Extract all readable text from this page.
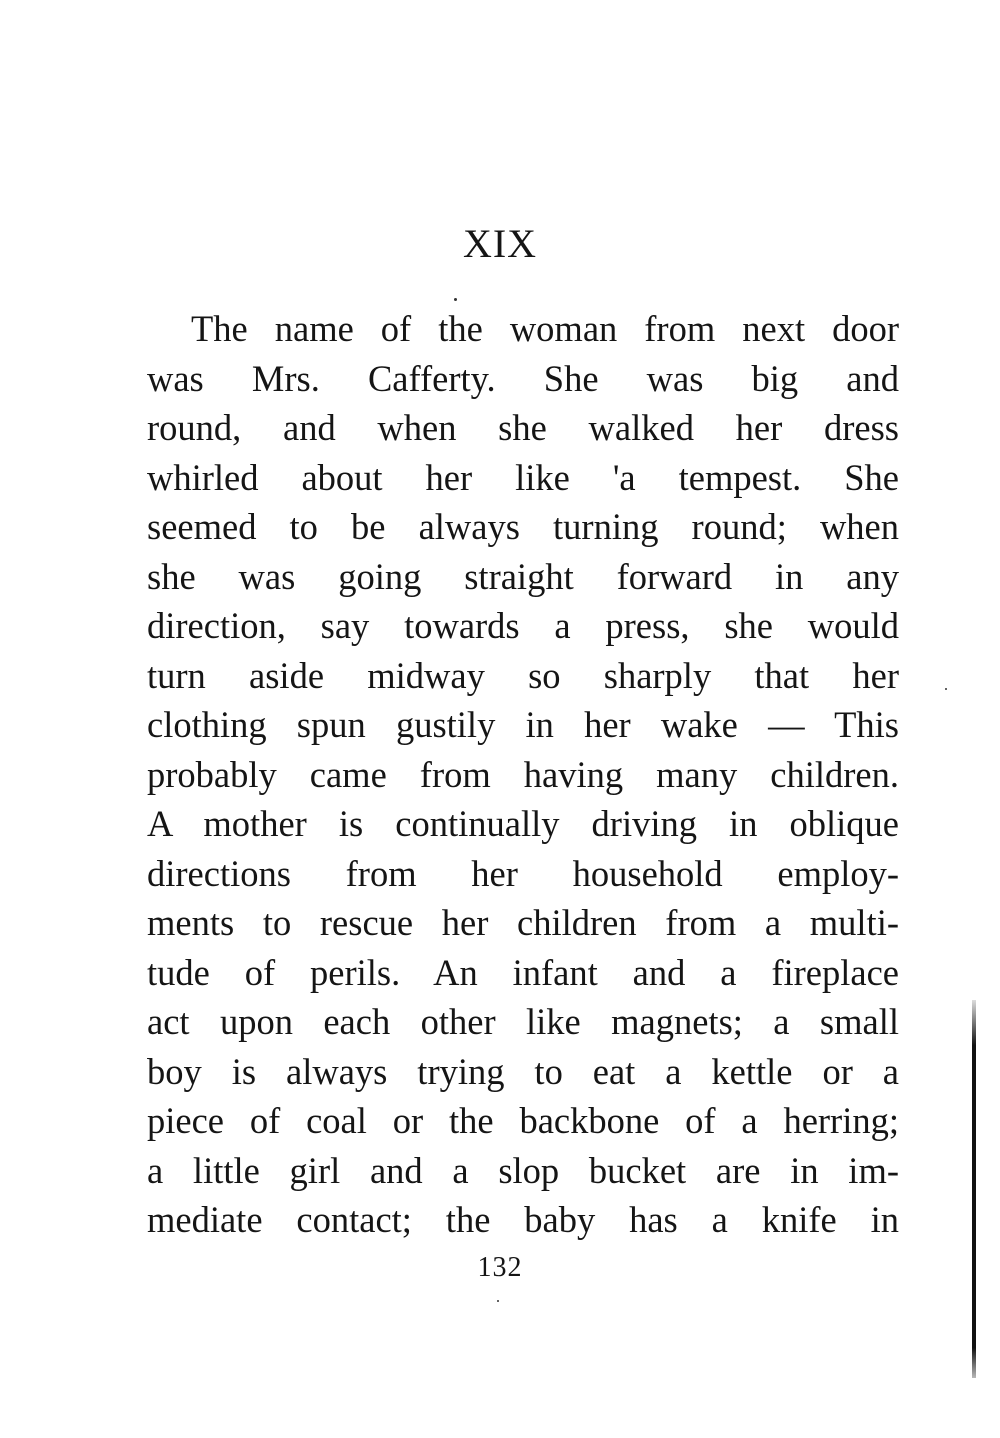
XIX
The name of the woman from next door
was Mrs. Cafferty. She was big and
round, and when she walked her dress
whirled about her like 'a tempest. She
seemed to be always turning round; when
she was going straight forward in any
direction, say towards a press, she would
turn aside midway so sharply that her
clothing spun gustily in her wake — This
probably came from having many children.
A mother is continually driving in oblique
directions from her household employ-
ments to rescue her children from a multi-
tude of perils. An infant and a fireplace
act upon each other like magnets; a small
boy is always trying to eat a kettle or a
piece of coal or the backbone of a herring;
a little girl and a slop bucket are in im-
mediate contact; the baby has a knife in
132
